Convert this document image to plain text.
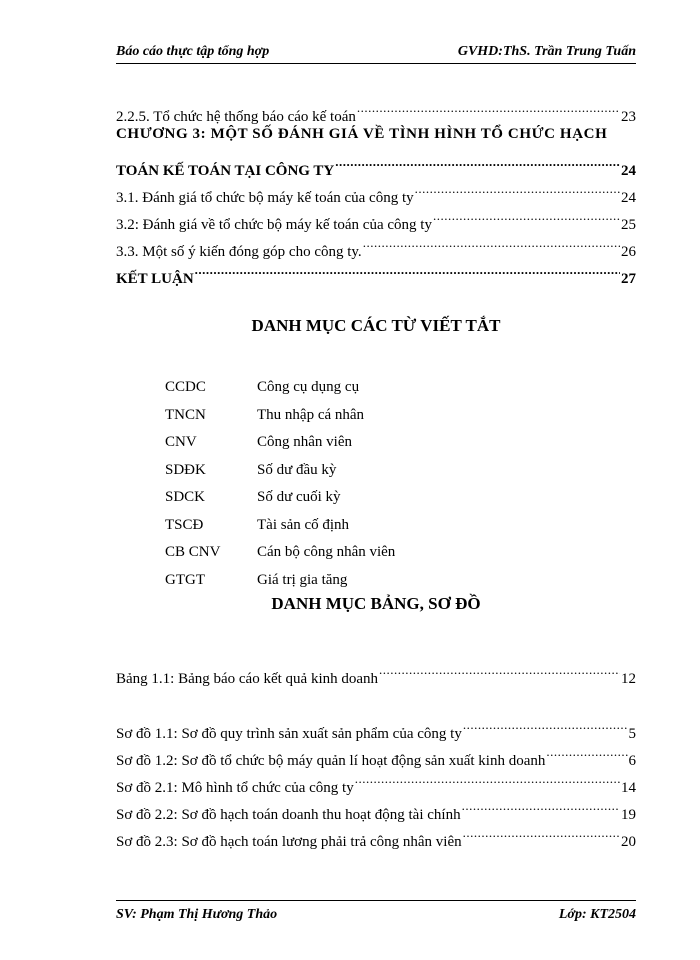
Báo cáo thực tập tổng hợp	GVHD:ThS. Trần Trung Tuấn
2.2.5. Tổ chức hệ thống báo cáo kế toán .....	23
CHƯƠNG 3: MỘT SỐ ĐÁNH GIÁ VỀ TÌNH HÌNH TỔ CHỨC HẠCH
TOÁN KẾ TOÁN TẠI CÔNG TY .....	24
3.1. Đánh giá tổ chức bộ máy kế toán của công ty .....	24
3.2: Đánh giá về tổ chức bộ máy kế toán của công ty .....	25
3.3. Một số ý kiến đóng góp cho công ty. .....	26
KẾT LUẬN .....	27
DANH MỤC CÁC TỪ VIẾT TẮT
CCDC	Công cụ dụng cụ
TNCN	Thu nhập cá nhân
CNV	Công nhân viên
SDĐK	Số dư đầu kỳ
SDCK	Số dư cuối kỳ
TSCĐ	Tài sản cố định
CB CNV	Cán bộ công nhân viên
GTGT	Giá trị gia tăng
DANH MỤC BẢNG, SƠ ĐỒ
Bảng 1.1: Bảng báo cáo kết quả kinh doanh .....	12
Sơ đồ 1.1: Sơ đồ quy trình sản xuất sản phẩm của công ty .....	5
Sơ đồ 1.2: Sơ đồ tổ chức bộ máy quản lí hoạt động sản xuất kinh doanh .....	6
Sơ đồ 2.1: Mô hình tổ chức của công ty .....	14
Sơ đồ 2.2: Sơ đồ hạch toán doanh thu hoạt động tài chính .....	19
Sơ đồ 2.3: Sơ đồ hạch toán lương phải trả công nhân viên .....	20
SV: Phạm Thị Hương Thảo	Lớp: KT2504
